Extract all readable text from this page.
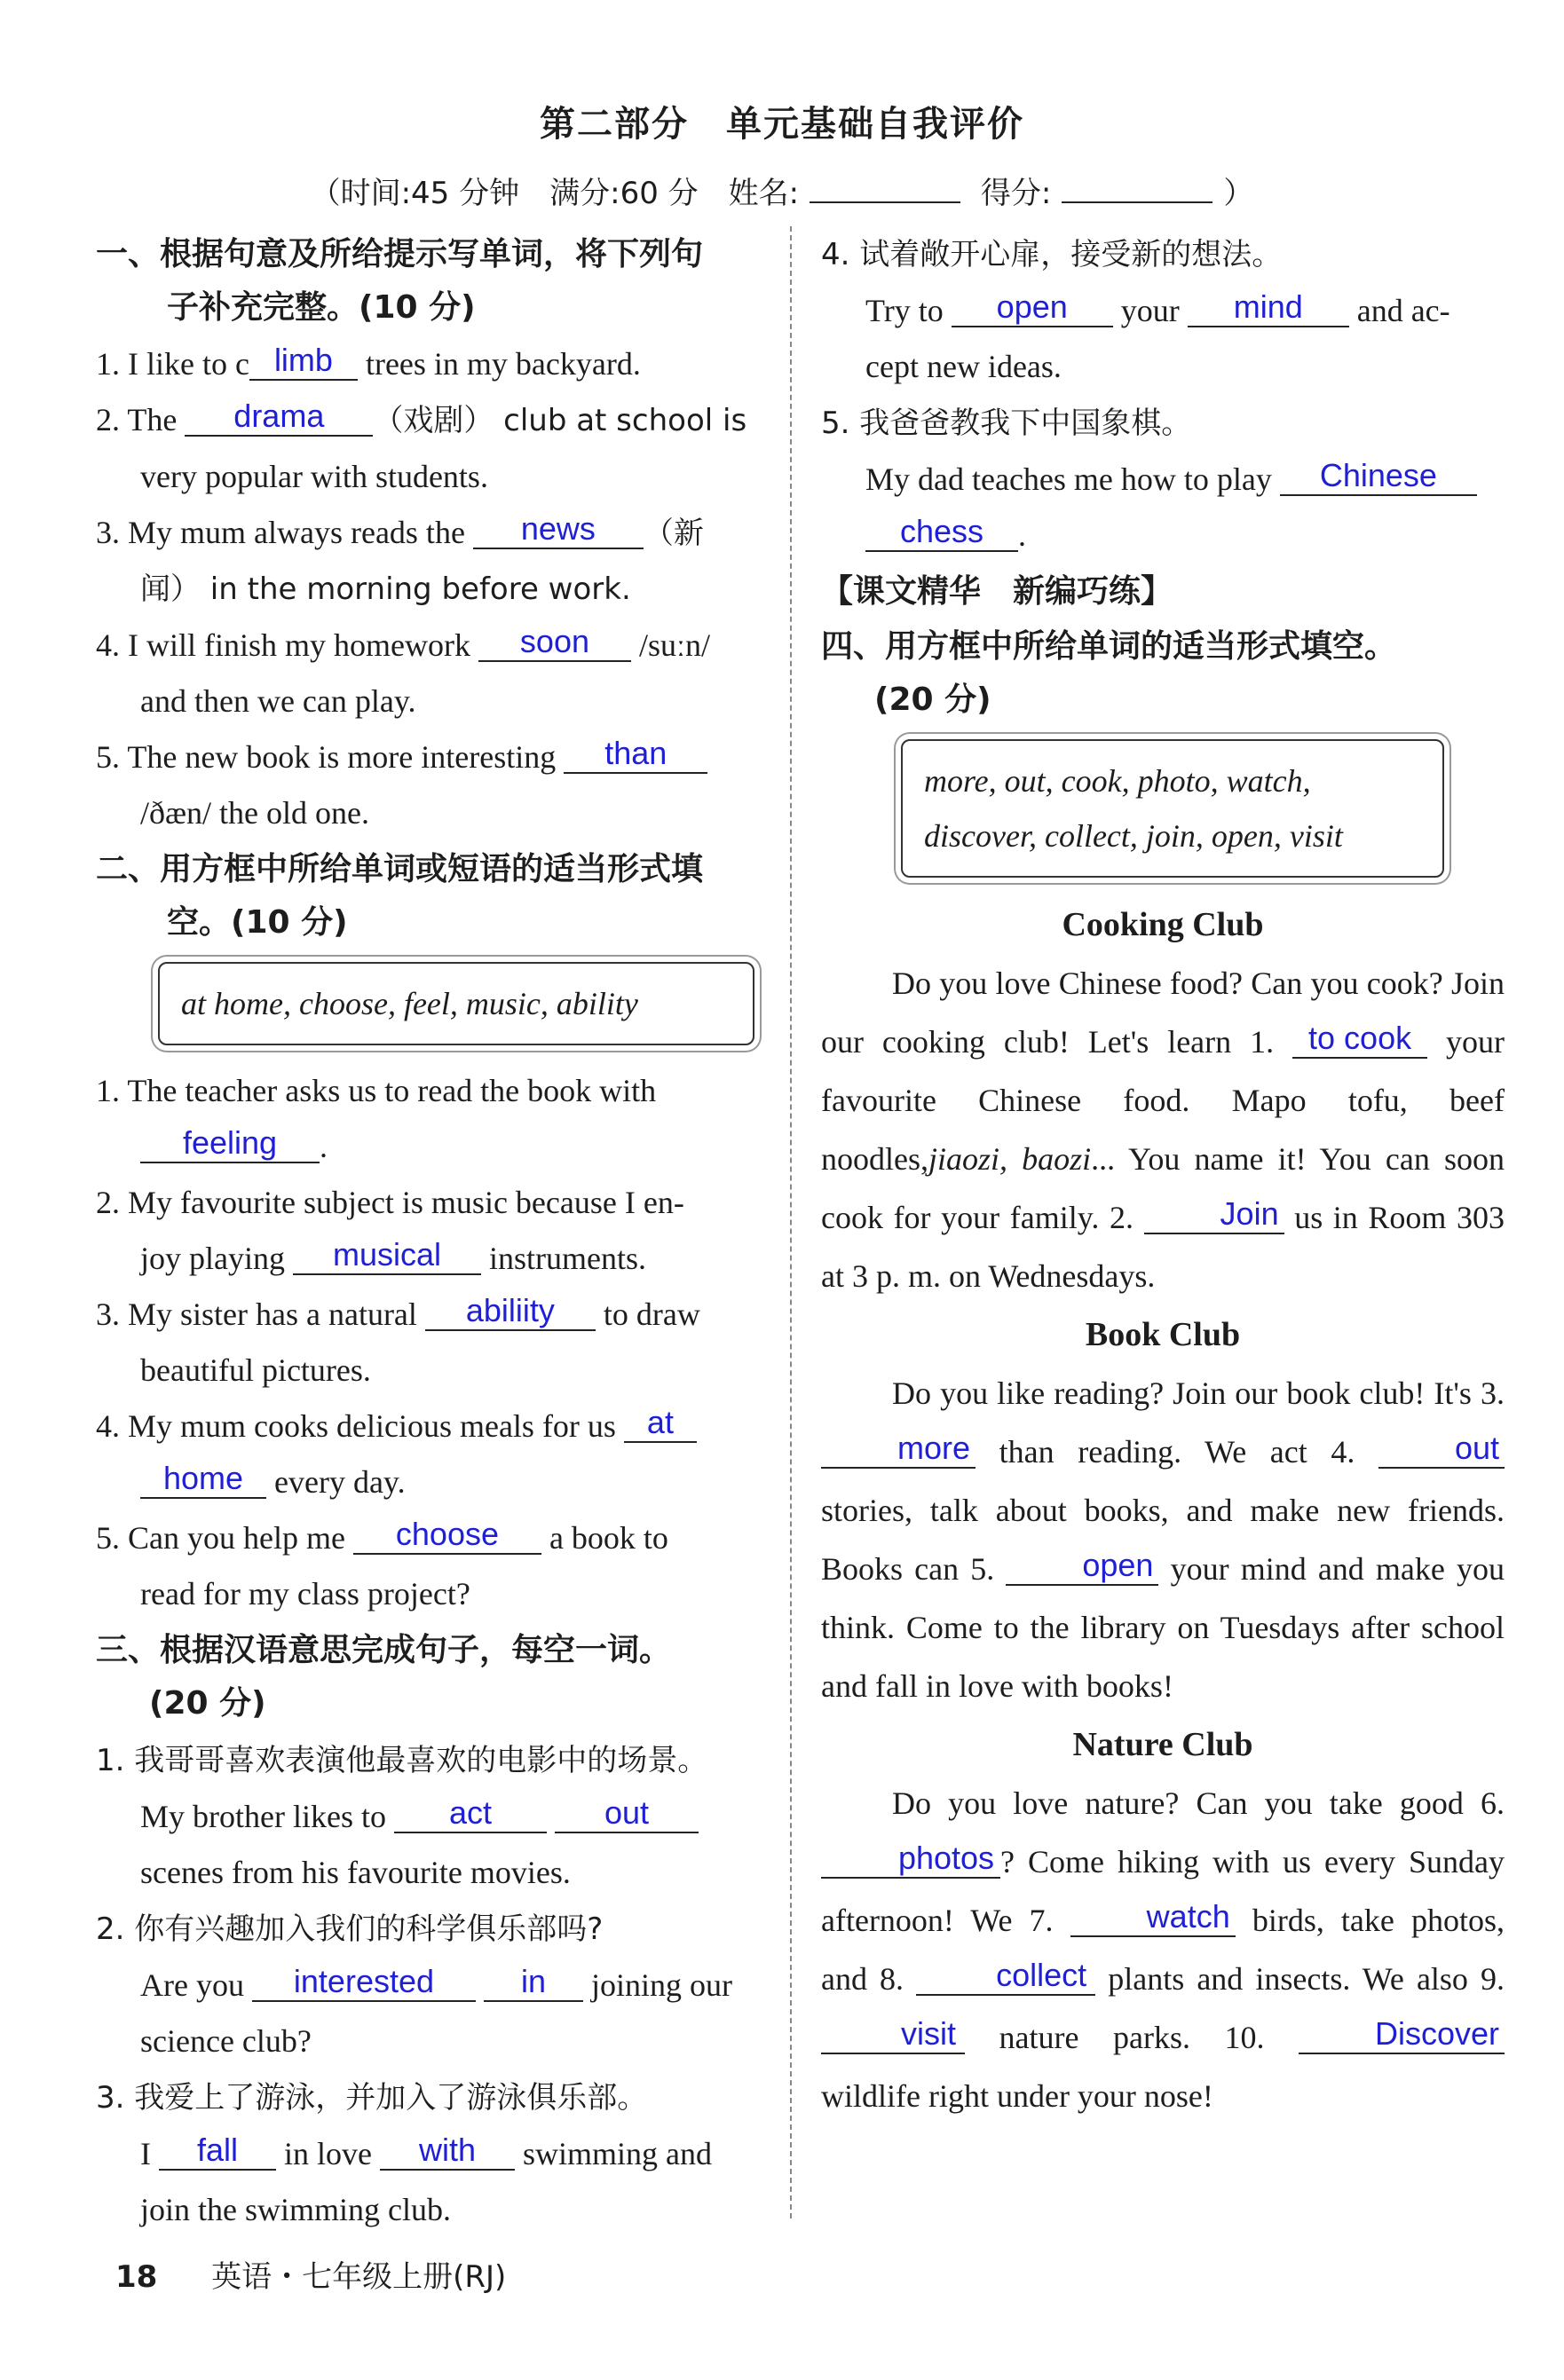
第二部分　单元基础自我评价
（时间:45 分钟　满分:60 分　姓名:	得分:	）
一、根据句意及所给提示写单词，将下列句
子补充完整。(10 分)
1. I like to c limb trees in my backyard.
2. The drama （戏剧） club at school is
very popular with students.
3. My mum always reads the news （新
闻） in the morning before work.
4. I will finish my homework soon /suːn/
and then we can play.
5. The new book is more interesting than
/ðæn/ the old one.
二、用方框中所给单词或短语的适当形式填
空。(10 分)
at home, choose, feel, music, ability
1. The teacher asks us to read the book with
feeling .
2. My favourite subject is music because I en-
joy playing musical instruments.
3. My sister has a natural abiliity to draw
beautiful pictures.
4. My mum cooks delicious meals for us at
home every day.
5. Can you help me choose a book to
read for my class project?
三、根据汉语意思完成句子，每空一词。
(20 分)
1. 我哥哥喜欢表演他最喜欢的电影中的场景。
My brother likes to act	out
scenes from his favourite movies.
2. 你有兴趣加入我们的科学俱乐部吗?
Are you interested	in joining our
science club?
3. 我爱上了游泳，并加入了游泳俱乐部。
I fall in love with swimming and
join the swimming club.
4. 试着敞开心扉，接受新的想法。
Try to open your mind and ac-
cept new ideas.
5. 我爸爸教我下中国象棋。
My dad teaches me how to play Chinese
chess .
【课文精华　新编巧练】
四、用方框中所给单词的适当形式填空。
(20 分)
more, out, cook, photo, watch,
discover, collect, join, open, visit
Cooking Club
Do you love Chinese food? Can you cook? Join our cooking club! Let's learn 1. to cook your favourite Chinese food. Mapo tofu, beef noodles,jiaozi, baozi... You name it! You can soon cook for your family. 2.	Join us in Room 303 at 3 p. m. on Wednesdays.
Book Club
Do you like reading? Join our book club! It's 3. more than reading. We act 4.	out stories, talk about books, and make new friends. Books can 5.	open your mind and make you think. Come to the library on Tuesdays after school and fall in love with books!
Nature Club
Do you love nature? Can you take good 6. photos ? Come hiking with us every Sunday afternoon! We 7.	watch birds, take photos, and 8.	collect plants and insects. We also 9. visit nature parks. 10.	Discover wildlife right under your nose!
18 英语・七年级上册(RJ)
